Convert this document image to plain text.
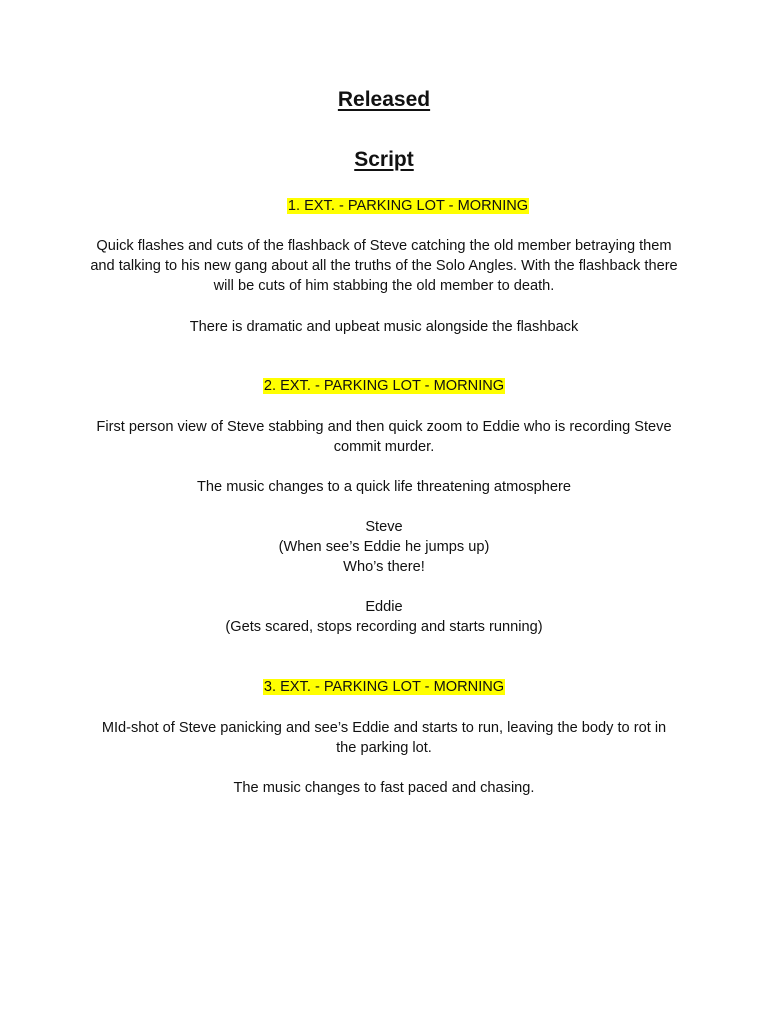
Released
Script
1. EXT. - PARKING LOT - MORNING

Quick flashes and cuts of the flashback of Steve catching the old member betraying them and talking to his new gang about all the truths of the Solo Angles. With the flashback there will be cuts of him stabbing the old member to death.

There is dramatic and upbeat music alongside the flashback

2. EXT. - PARKING LOT - MORNING

First person view of Steve stabbing and then quick zoom to Eddie who is recording Steve commit murder.

The music changes to a quick life threatening atmosphere

Steve
(When see’s Eddie he jumps up)
Who’s there!
Eddie
(Gets scared, stops recording and starts running)
3. EXT. - PARKING LOT - MORNING

MId-shot of Steve panicking and see’s Eddie and starts to run, leaving the body to rot in the parking lot.

The music changes to fast paced and chasing.
